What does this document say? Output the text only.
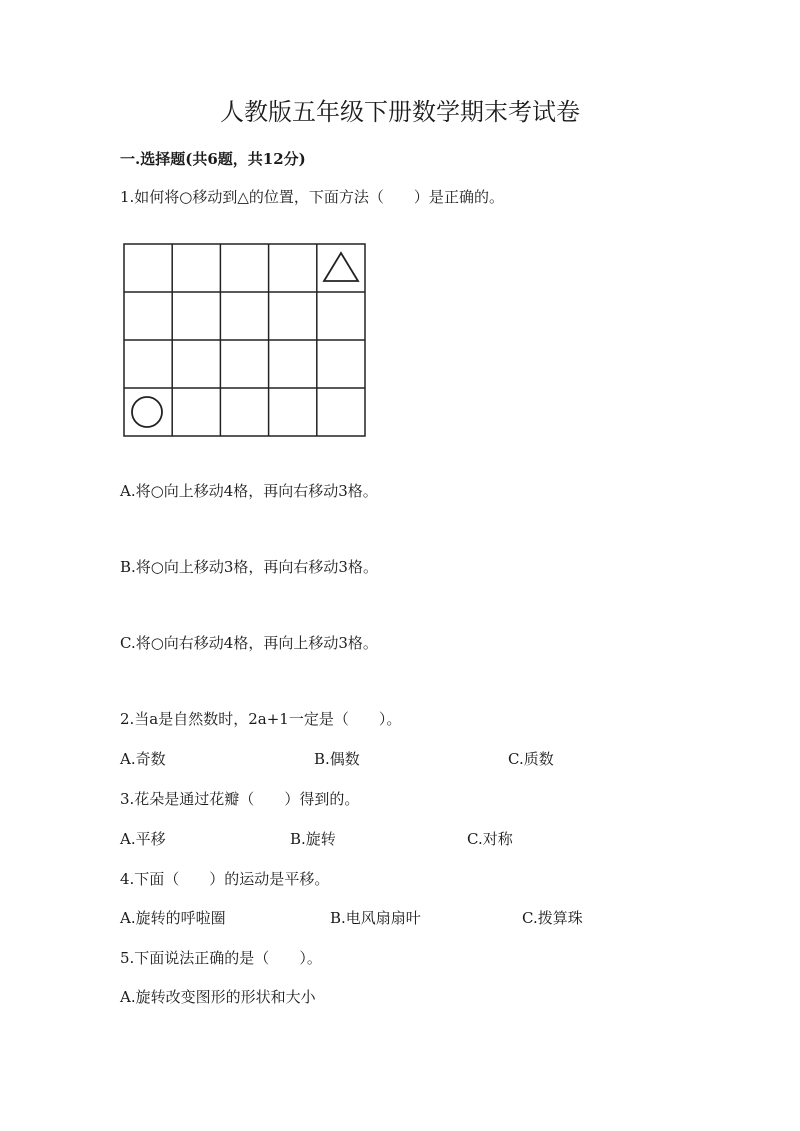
人教版五年级下册数学期末考试卷
一.选择题(共6题，共12分)
1.如何将○移动到△的位置，下面方法（　　）是正确的。
A.将○向上移动4格，再向右移动3格。
B.将○向上移动3格，再向右移动3格。
C.将○向右移动4格，再向上移动3格。
2.当a是自然数时，2a+1一定是（　　）。
A.奇数	B.偶数	C.质数
3.花朵是通过花瓣（　　）得到的。
A.平移	B.旋转	C.对称
4.下面（　　）的运动是平移。
A.旋转的呼啦圈	B.电风扇扇叶	C.拨算珠
5.下面说法正确的是（　　）。
A.旋转改变图形的形状和大小
